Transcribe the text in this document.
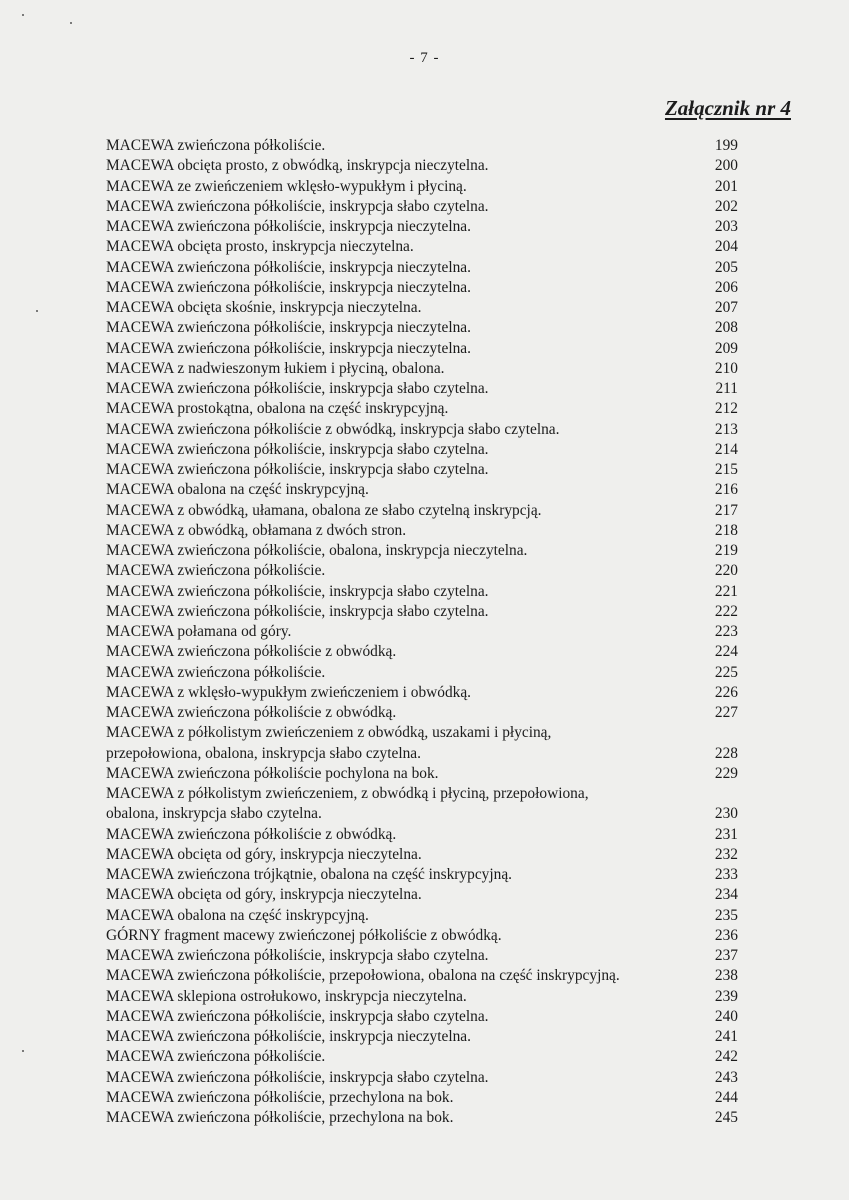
- 7 -
Załącznik nr 4
MACEWA zwieńczona półkoliście.	199
MACEWA obcięta prosto, z obwódką, inskrypcja nieczytelna.	200
MACEWA ze zwieńczeniem wklęsło-wypukłym i płyciną.	201
MACEWA zwieńczona półkoliście, inskrypcja słabo czytelna.	202
MACEWA zwieńczona półkoliście, inskrypcja nieczytelna.	203
MACEWA obcięta prosto, inskrypcja nieczytelna.	204
MACEWA zwieńczona półkoliście, inskrypcja nieczytelna.	205
MACEWA zwieńczona półkoliście, inskrypcja nieczytelna.	206
MACEWA obcięta skośnie, inskrypcja nieczytelna.	207
MACEWA zwieńczona półkoliście, inskrypcja nieczytelna.	208
MACEWA zwieńczona półkoliście, inskrypcja nieczytelna.	209
MACEWA z nadwieszonym łukiem i płyciną, obalona.	210
MACEWA zwieńczona półkoliście, inskrypcja słabo czytelna.	211
MACEWA prostokątna, obalona na część inskrypcyjną.	212
MACEWA zwieńczona półkoliście z obwódką, inskrypcja słabo czytelna.	213
MACEWA zwieńczona półkoliście, inskrypcja słabo czytelna.	214
MACEWA zwieńczona półkoliście, inskrypcja słabo czytelna.	215
MACEWA obalona na część inskrypcyjną.	216
MACEWA z obwódką, ułamana, obalona ze słabo czytelną inskrypcją.	217
MACEWA z obwódką, obłamana z dwóch stron.	218
MACEWA zwieńczona półkoliście, obalona, inskrypcja nieczytelna.	219
MACEWA zwieńczona półkoliście.	220
MACEWA zwieńczona półkoliście, inskrypcja słabo czytelna.	221
MACEWA zwieńczona półkoliście, inskrypcja słabo czytelna.	222
MACEWA połamana od góry.	223
MACEWA zwieńczona półkoliście z obwódką.	224
MACEWA zwieńczona półkoliście.	225
MACEWA z wklęsło-wypukłym zwieńczeniem i obwódką.	226
MACEWA zwieńczona półkoliście z obwódką.	227
MACEWA z półkolistym zwieńczeniem z obwódką, uszakami i płyciną,
przepołowiona, obalona, inskrypcja słabo czytelna.	228
MACEWA zwieńczona półkoliście pochylona na bok.	229
MACEWA z półkolistym zwieńczeniem, z obwódką i płyciną, przepołowiona,
obalona, inskrypcja słabo czytelna.	230
MACEWA zwieńczona półkoliście z obwódką.	231
MACEWA obcięta od góry, inskrypcja nieczytelna.	232
MACEWA zwieńczona trójkątnie, obalona na część inskrypcyjną.	233
MACEWA obcięta od góry, inskrypcja nieczytelna.	234
MACEWA obalona na część inskrypcyjną.	235
GÓRNY fragment macewy zwieńczonej półkoliście z obwódką.	236
MACEWA zwieńczona półkoliście, inskrypcja słabo czytelna.	237
MACEWA zwieńczona półkoliście, przepołowiona, obalona na część inskrypcyjną.	238
MACEWA sklepiona ostrołukowo, inskrypcja nieczytelna.	239
MACEWA zwieńczona półkoliście, inskrypcja słabo czytelna.	240
MACEWA zwieńczona półkoliście, inskrypcja nieczytelna.	241
MACEWA zwieńczona półkoliście.	242
MACEWA zwieńczona półkoliście, inskrypcja słabo czytelna.	243
MACEWA zwieńczona półkoliście, przechylona na bok.	244
MACEWA zwieńczona półkoliście, przechylona na bok.	245
